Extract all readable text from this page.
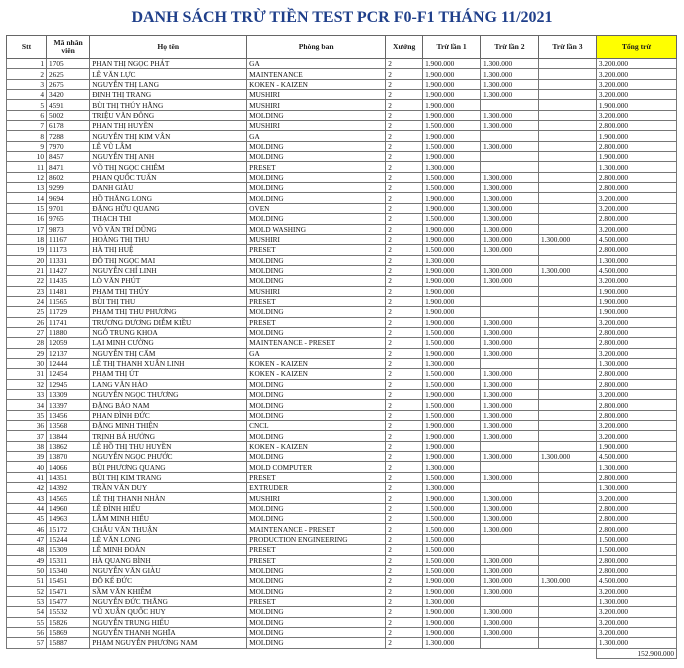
DANH SÁCH TRỪ TIỀN TEST PCR F0-F1 THÁNG 11/2021
Stt	Mã nhân viên	Họ tên	Phòng ban	Xưởng	Trừ lần 1	Trừ lần 2	Trừ lần 3	Tổng trừ
1	1705	PHAN THỊ NGỌC PHÁT	GA	2	1.900.000	1.300.000		3.200.000
2	2625	LÊ VĂN LỰC	MAINTENANCE	2	1.900.000	1.300.000		3.200.000
3	2675	NGUYỄN THỊ LANG	KOKEN - KAIZEN	2	1.900.000	1.300.000		3.200.000
4	3420	ĐINH THỊ TRANG	MUSHIRI	2	1.900.000	1.300.000		3.200.000
5	4591	BÙI THỊ THÚY HẰNG	MUSHIRI	2	1.900.000			1.900.000
6	5002	TRIỆU VĂN ĐÔNG	MOLDING	2	1.900.000	1.300.000		3.200.000
7	6178	PHAN THỊ HUYỀN	MUSHIRI	2	1.500.000	1.300.000		2.800.000
8	7288	NGUYỄN THỊ KIM VÂN	GA	2	1.900.000			1.900.000
9	7970	LÊ VŨ LÂM	MOLDING	2	1.500.000	1.300.000		2.800.000
10	8457	NGUYỄN THỊ ANH	MOLDING	2	1.900.000			1.900.000
11	8471	VÕ THỊ NGỌC CHIÊM	PRESET	2	1.300.000			1.300.000
12	8602	PHAN QUỐC TUẤN	MOLDING	2	1.500.000	1.300.000		2.800.000
13	9299	DANH GIÀU	MOLDING	2	1.500.000	1.300.000		2.800.000
14	9694	HỒ THĂNG LONG	MOLDING	2	1.900.000	1.300.000		3.200.000
15	9701	ĐẶNG HỮU QUANG	OVEN	2	1.900.000	1.300.000		3.200.000
16	9765	THẠCH THI	MOLDING	2	1.500.000	1.300.000		2.800.000
17	9873	VÕ VĂN TRÍ DŨNG	MOLD WASHING	2	1.900.000	1.300.000		3.200.000
18	11167	HOÀNG THỊ THU	MUSHIRI	2	1.900.000	1.300.000	1.300.000	4.500.000
19	11173	HÀ THỊ HUỆ	PRESET	2	1.500.000	1.300.000		2.800.000
20	11331	ĐỖ THỊ NGỌC MAI	MOLDING	2	1.300.000			1.300.000
21	11427	NGUYỄN CHÍ LINH	MOLDING	2	1.900.000	1.300.000	1.300.000	4.500.000
22	11435	LÒ VĂN PHÚT	MOLDING	2	1.900.000	1.300.000		3.200.000
23	11481	PHẠM THỊ THÚY	MUSHIRI	2	1.900.000			1.900.000
24	11565	BÙI THỊ THU	PRESET	2	1.900.000			1.900.000
25	11729	PHẠM THỊ THU PHƯƠNG	MOLDING	2	1.900.000			1.900.000
26	11741	TRƯƠNG DƯƠNG DIỄM KIỀU	PRESET	2	1.900.000	1.300.000		3.200.000
27	11880	NGÔ TRUNG KHOA	MOLDING	2	1.500.000	1.300.000		2.800.000
28	12059	LẠI MINH CƯỜNG	MAINTENANCE - PRESET	2	1.500.000	1.300.000		2.800.000
29	12137	NGUYỄN THỊ CẨM	GA	2	1.900.000	1.300.000		3.200.000
30	12444	LÊ THỊ THANH XUÂN LINH	KOKEN - KAIZEN	2	1.300.000			1.300.000
31	12454	PHẠM THỊ ÚT	KOKEN - KAIZEN	2	1.500.000	1.300.000		2.800.000
32	12945	LANG VĂN HẢO	MOLDING	2	1.500.000	1.300.000		2.800.000
33	13309	NGUYỄN NGỌC THƯƠNG	MOLDING	2	1.900.000	1.300.000		3.200.000
34	13397	ĐẶNG BẢO NAM	MOLDING	2	1.500.000	1.300.000		2.800.000
35	13456	PHAN ĐÌNH ĐỨC	MOLDING	2	1.500.000	1.300.000		2.800.000
36	13568	ĐẶNG MINH THIỆN	CNCL	2	1.900.000	1.300.000		3.200.000
37	13844	TRỊNH BÁ HƯỞNG	MOLDING	2	1.900.000	1.300.000		3.200.000
38	13862	LÊ HỒ THỊ THU HUYỀN	KOKEN - KAIZEN	2	1.900.000			1.900.000
39	13870	NGUYỄN NGỌC PHƯỚC	MOLDING	2	1.900.000	1.300.000	1.300.000	4.500.000
40	14066	BÙI PHƯƠNG QUANG	MOLD COMPUTER	2	1.300.000			1.300.000
41	14351	BÙI THỊ KIM TRANG	PRESET	2	1.500.000	1.300.000		2.800.000
42	14392	TRẦN VĂN DUY	EXTRUDER	2	1.300.000			1.300.000
43	14565	LÊ THỊ THANH NHÀN	MUSHIRI	2	1.900.000	1.300.000		3.200.000
44	14960	LÊ ĐÌNH HIẾU	MOLDING	2	1.500.000	1.300.000		2.800.000
45	14963	LÂM MINH HIẾU	MOLDING	2	1.500.000	1.300.000		2.800.000
46	15172	CHÂU VĂN THUẬN	MAINTENANCE - PRESET	2	1.500.000	1.300.000		2.800.000
47	15244	LÊ VĂN LONG	PRODUCTION ENGINEERING	2	1.500.000			1.500.000
48	15309	LÊ MINH ĐOÀN	PRESET	2	1.500.000			1.500.000
49	15311	HÀ QUANG BÌNH	PRESET	2	1.500.000	1.300.000		2.800.000
50	15340	NGUYỄN VĂN GIÀU	MOLDING	2	1.500.000	1.300.000		2.800.000
51	15451	ĐỖ KẾ ĐỨC	MOLDING	2	1.900.000	1.300.000	1.300.000	4.500.000
52	15471	SẦM VĂN KHIÊM	MOLDING	2	1.900.000	1.300.000		3.200.000
53	15477	NGUYỄN ĐỨC THẮNG	PRESET	2	1.300.000			1.300.000
54	15532	VŨ XUÂN QUỐC HUY	MOLDING	2	1.900.000	1.300.000		3.200.000
55	15826	NGUYỄN TRUNG HIẾU	MOLDING	2	1.900.000	1.300.000		3.200.000
56	15869	NGUYỄN THANH NGHĨA	MOLDING	2	1.900.000	1.300.000		3.200.000
57	15887	PHẠM NGUYỄN PHƯƠNG NAM	MOLDING	2	1.300.000			1.300.000
								152.900.000
